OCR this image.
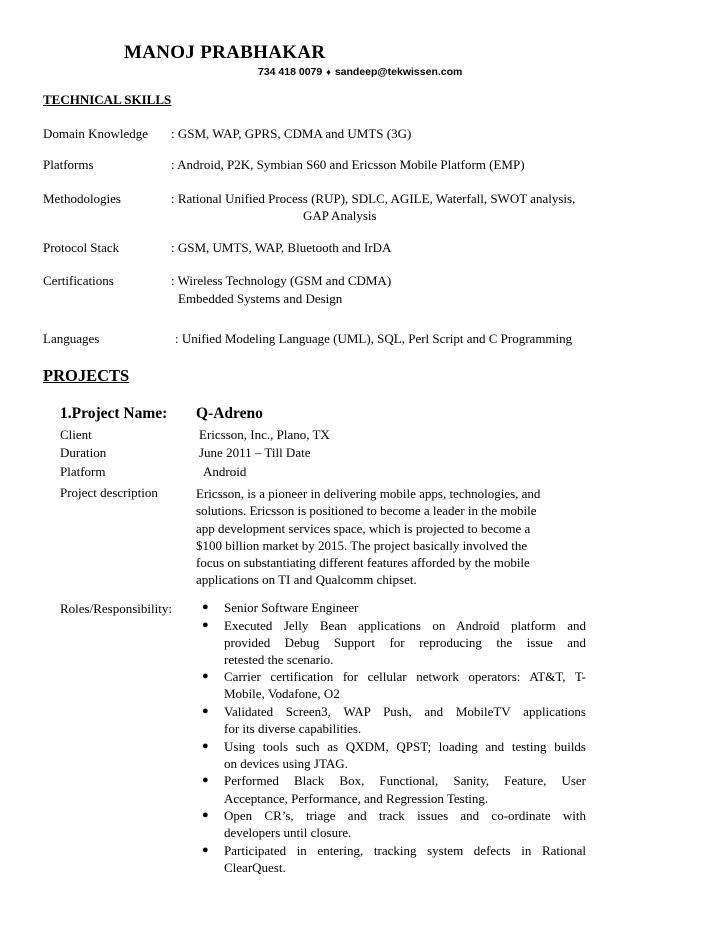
MANOJ PRABHAKAR
734 418 0079 ♦ sandeep@tekwissen.com
TECHNICAL SKILLS
Domain Knowledge : GSM, WAP, GPRS, CDMA and UMTS (3G)
Platforms	: Android, P2K, Symbian S60 and Ericsson Mobile Platform (EMP)
Methodologies	: Rational Unified Process (RUP), SDLC, AGILE, Waterfall, SWOT analysis,
GAP Analysis
Protocol Stack	: GSM, UMTS, WAP, Bluetooth and IrDA
Certifications	: Wireless Technology (GSM and CDMA)
Embedded Systems and Design
Languages	: Unified Modeling Language (UML), SQL, Perl Script and C Programming
PROJECTS
1.Project Name: Q-Adreno
Client	Ericsson, Inc., Plano, TX
Duration	June 2011 – Till Date
Platform	Android
Project description	Ericsson, is a pioneer in delivering mobile apps, technologies, and
solutions. Ericsson is positioned to become a leader in the mobile
app development services space, which is projected to become a
$100 billion market by 2015. The project basically involved the
focus on substantiating different features afforded by the mobile
applications on TI and Qualcomm chipset.
Roles/Responsibility:	● Senior Software Engineer
● Executed Jelly Bean applications on Android platform and
provided Debug Support for reproducing the issue and
retested the scenario.
● Carrier certification for cellular network operators: AT&T, T-
Mobile, Vodafone, O2
● Validated Screen3, WAP Push, and MobileTV applications
for its diverse capabilities.
● Using tools such as QXDM, QPST; loading and testing builds
on devices using JTAG.
● Performed Black Box, Functional, Sanity, Feature, User
Acceptance, Performance, and Regression Testing.
● Open CR’s, triage and track issues and co-ordinate with
developers until closure.
● Participated in entering, tracking system defects in Rational
ClearQuest.
